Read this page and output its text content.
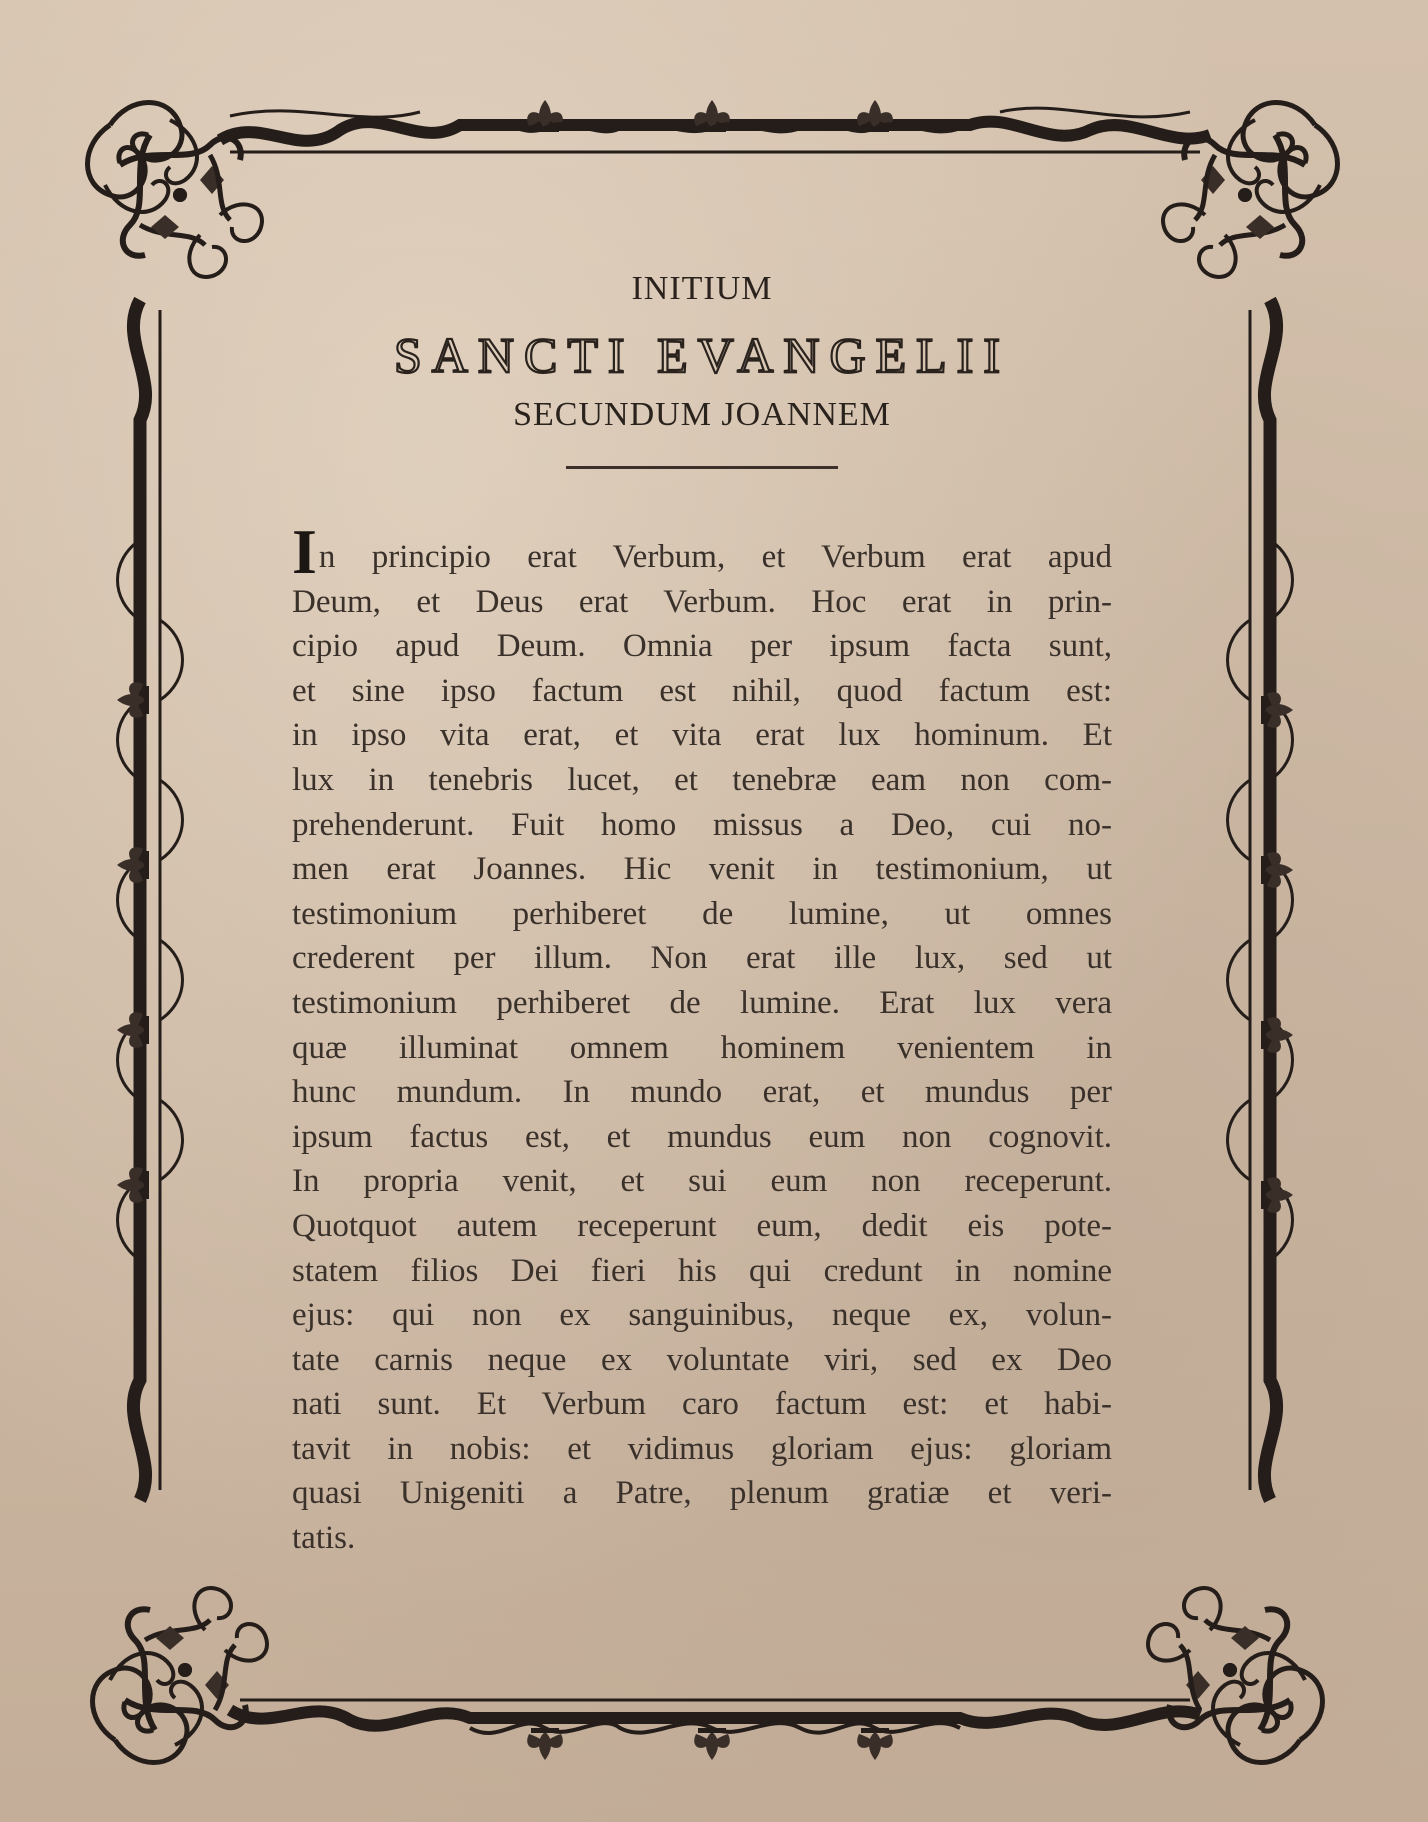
INITIUM
SANCTI EVANGELII
SECUNDUM JOANNEM
In principio erat Verbum, et Verbum erat apud
Deum, et Deus erat Verbum. Hoc erat in prin-
cipio apud Deum. Omnia per ipsum facta sunt,
et sine ipso factum est nihil, quod factum est:
in ipso vita erat, et vita erat lux hominum. Et
lux in tenebris lucet, et tenebræ eam non com-
prehenderunt. Fuit homo missus a Deo, cui no-
men erat Joannes. Hic venit in testimonium, ut
testimonium perhiberet de lumine, ut omnes
crederent per illum. Non erat ille lux, sed ut
testimonium perhiberet de lumine. Erat lux vera
quæ illuminat omnem hominem venientem in
hunc mundum. In mundo erat, et mundus per
ipsum factus est, et mundus eum non cognovit.
In propria venit, et sui eum non receperunt.
Quotquot autem receperunt eum, dedit eis pote-
statem filios Dei fieri his qui credunt in nomine
ejus: qui non ex sanguinibus, neque ex, volun-
tate carnis neque ex voluntate viri, sed ex Deo
nati sunt. Et Verbum caro factum est: et habi-
tavit in nobis: et vidimus gloriam ejus: gloriam
quasi Unigeniti a Patre, plenum gratiæ et veri-
tatis.
